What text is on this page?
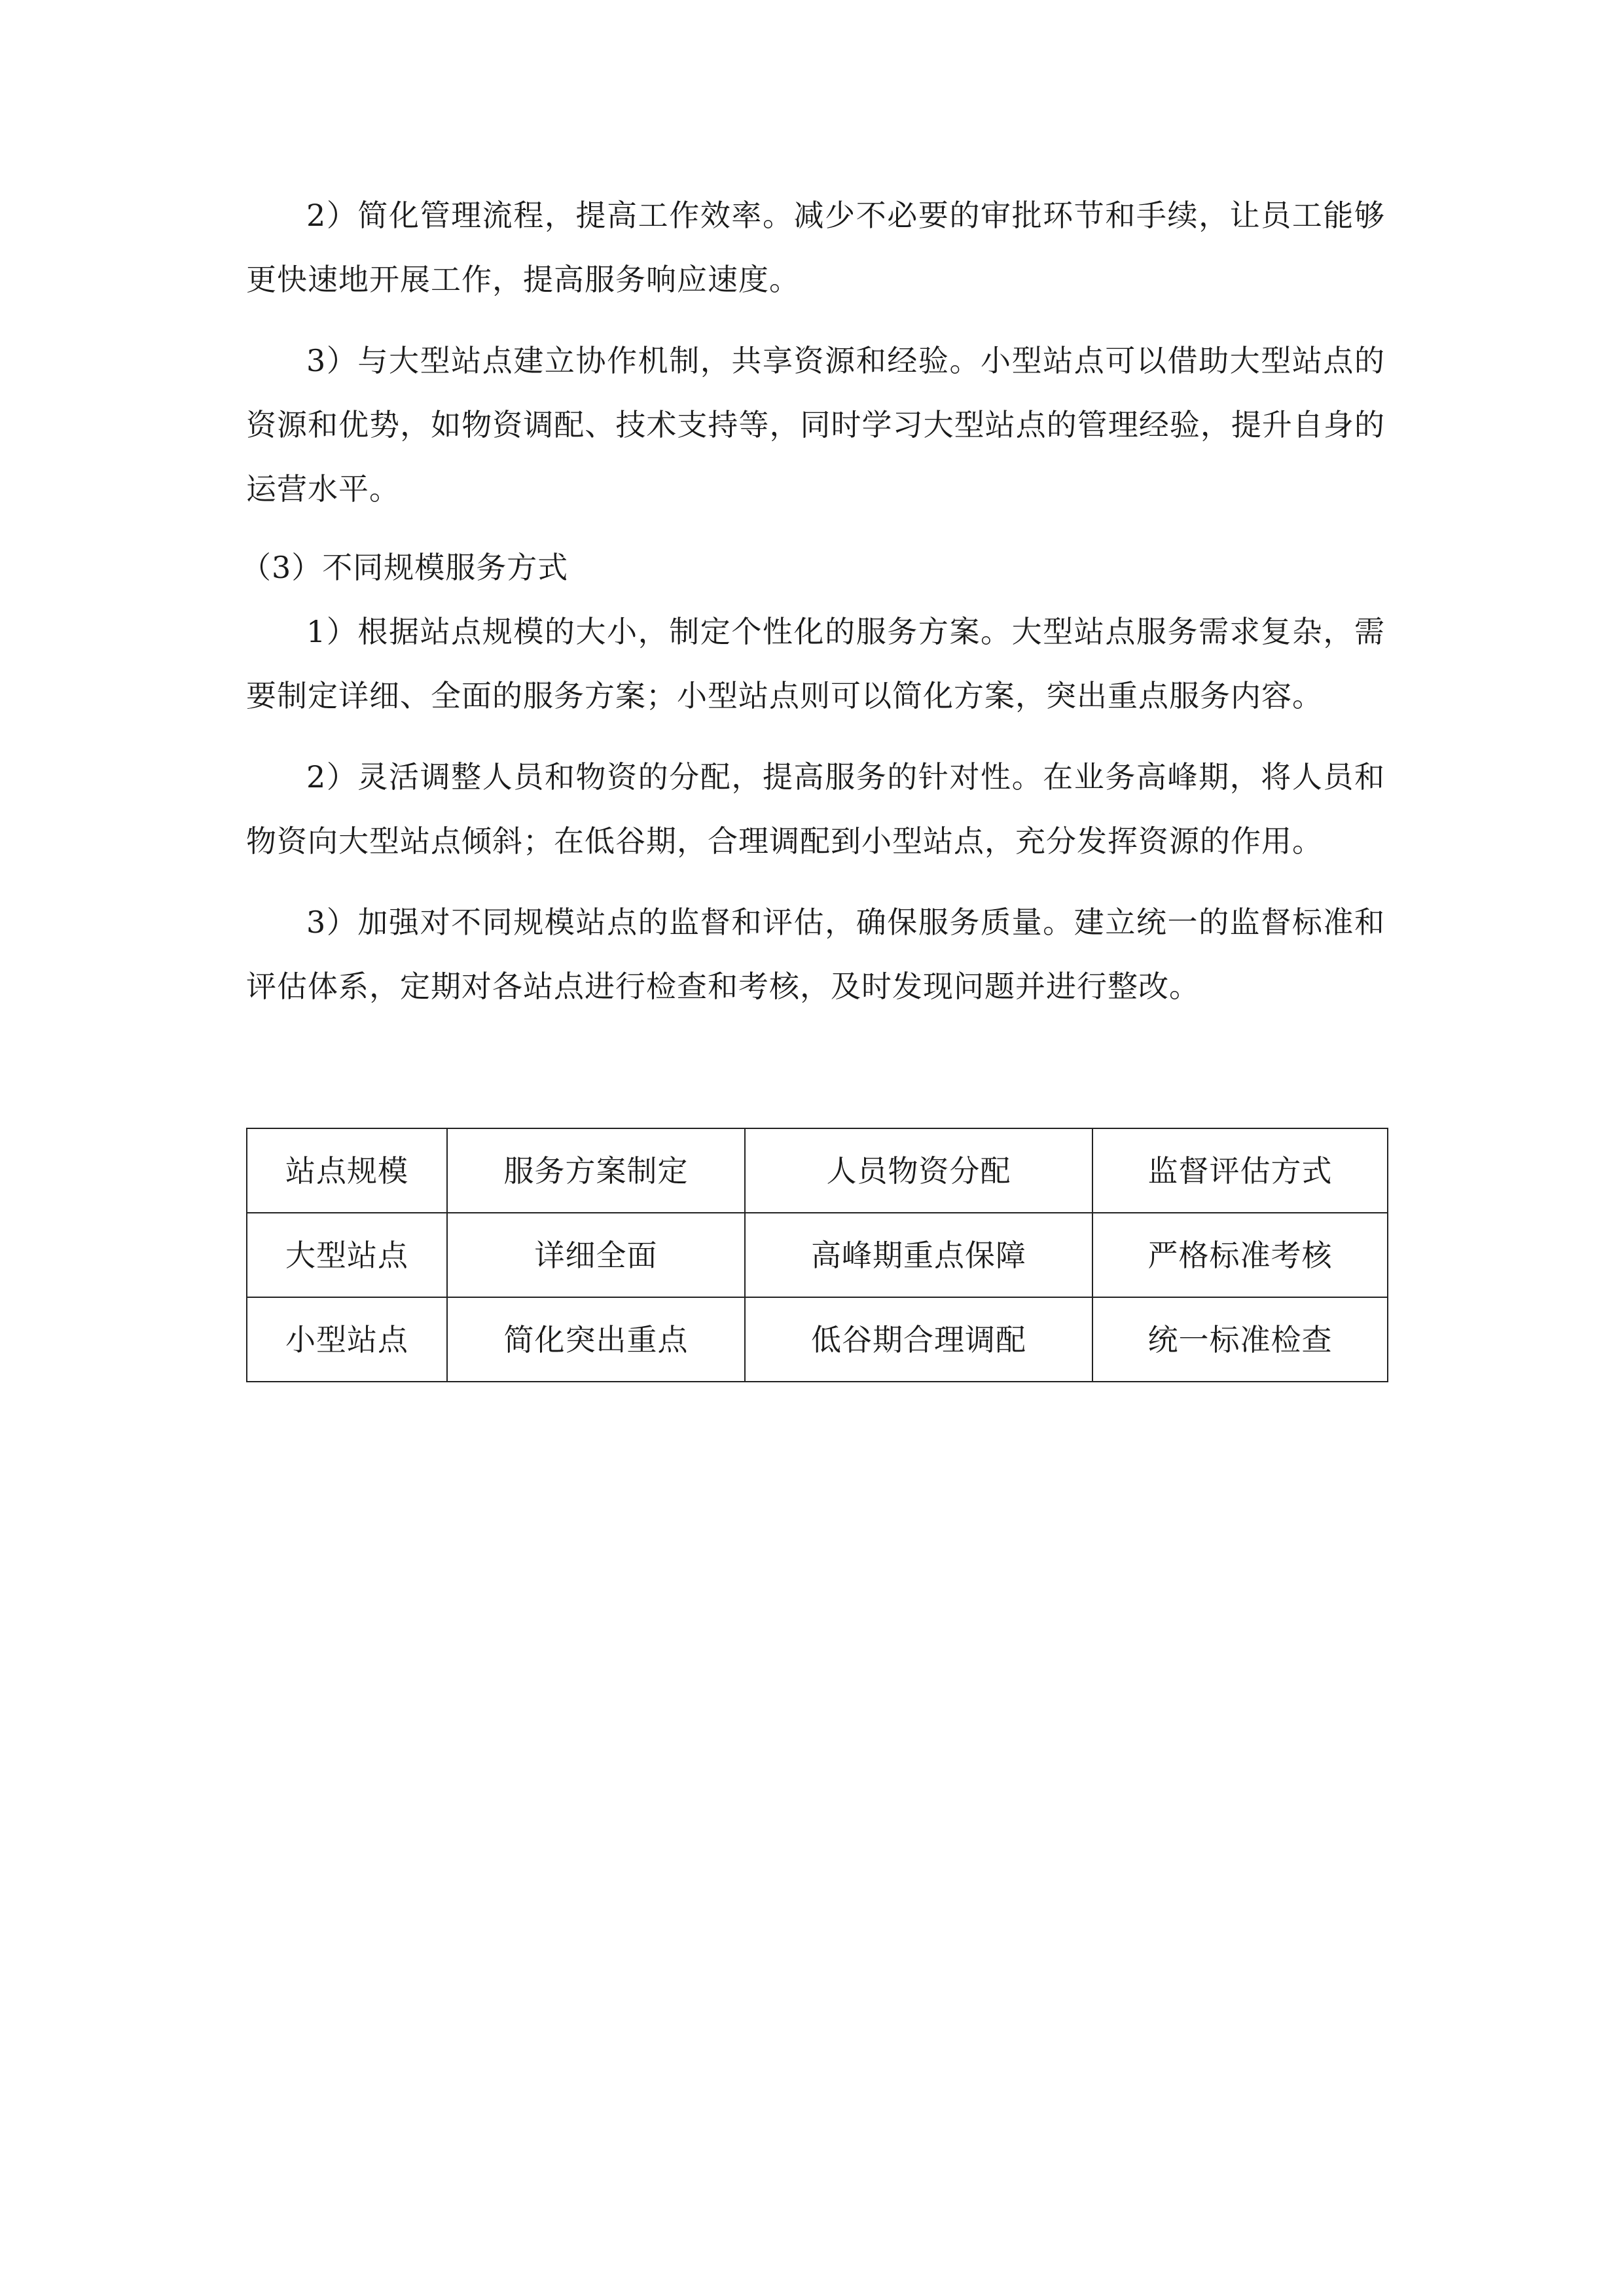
2）简化管理流程，提高工作效率。减少不必要的审批环节和手续，让员工能够更快速地开展工作，提高服务响应速度。

3）与大型站点建立协作机制，共享资源和经验。小型站点可以借助大型站点的资源和优势，如物资调配、技术支持等，同时学习大型站点的管理经验，提升自身的运营水平。

（3）不同规模服务方式

1）根据站点规模的大小，制定个性化的服务方案。大型站点服务需求复杂，需要制定详细、全面的服务方案；小型站点则可以简化方案，突出重点服务内容。

2）灵活调整人员和物资的分配，提高服务的针对性。在业务高峰期，将人员和物资向大型站点倾斜；在低谷期，合理调配到小型站点，充分发挥资源的作用。

3）加强对不同规模站点的监督和评估，确保服务质量。建立统一的监督标准和评估体系，定期对各站点进行检查和考核，及时发现问题并进行整改。

站点规模	服务方案制定	人员物资分配	监督评估方式
大型站点	详细全面	高峰期重点保障	严格标准考核
小型站点	简化突出重点	低谷期合理调配	统一标准检查
